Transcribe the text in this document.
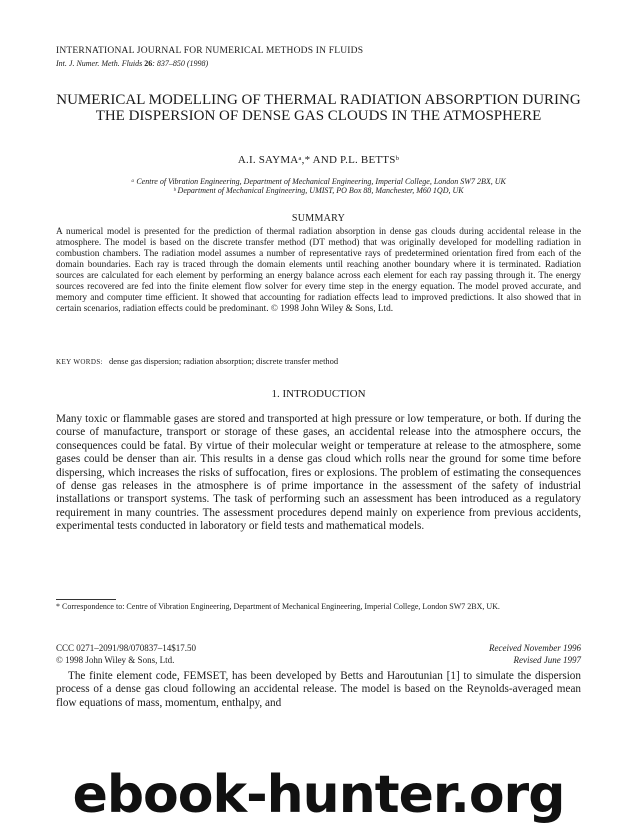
INTERNATIONAL JOURNAL FOR NUMERICAL METHODS IN FLUIDS
Int. J. Numer. Meth. Fluids 26: 837–850 (1998)
NUMERICAL MODELLING OF THERMAL RADIATION ABSORPTION DURING THE DISPERSION OF DENSE GAS CLOUDS IN THE ATMOSPHERE
A.I. SAYMAᵃ,* AND P.L. BETTSᵇ
ᵃ Centre of Vibration Engineering, Department of Mechanical Engineering, Imperial College, London SW7 2BX, UK
ᵇ Department of Mechanical Engineering, UMIST, PO Box 88, Manchester, M60 1QD, UK
SUMMARY
A numerical model is presented for the prediction of thermal radiation absorption in dense gas clouds during accidental release in the atmosphere. The model is based on the discrete transfer method (DT method) that was originally developed for modelling radiation in combustion chambers. The radiation model assumes a number of representative rays of predetermined orientation fired from each of the domain boundaries. Each ray is traced through the domain elements until reaching another boundary where it is terminated. Radiation sources are calculated for each element by performing an energy balance across each element for each ray passing through it. The energy sources recovered are fed into the finite element flow solver for every time step in the energy equation. The model proved accurate, and memory and computer time efficient. It showed that accounting for radiation effects lead to improved predictions. It also showed that in certain scenarios, radiation effects could be predominant. © 1998 John Wiley & Sons, Ltd.
KEY WORDS: dense gas dispersion; radiation absorption; discrete transfer method
1. INTRODUCTION

Many toxic or flammable gases are stored and transported at high pressure or low temperature, or both. If during the course of manufacture, transport or storage of these gases, an accidental release into the atmosphere occurs, the consequences could be fatal. By virtue of their molecular weight or temperature at release to the atmosphere, some gases could be denser than air. This results in a dense gas cloud which rolls near the ground for some time before dispersing, which increases the risks of suffocation, fires or explosions. The problem of estimating the consequences of dense gas releases in the atmosphere is of prime importance in the assessment of the safety of industrial installations or transport systems. The task of performing such an assessment has been introduced as a regulatory requirement in many countries. The assessment procedures depend mainly on experience from previous accidents, experimental tests conducted in laboratory or field tests and mathematical models.

* Correspondence to: Centre of Vibration Engineering, Department of Mechanical Engineering, Imperial College, London SW7 2BX, UK.
CCC 0271–2091/98/070837–14$17.50
© 1998 John Wiley & Sons, Ltd.
Received November 1996
Revised June 1997

The finite element code, FEMSET, has been developed by Betts and Haroutunian [1] to simulate the dispersion process of a dense gas cloud following an accidental release. The model is based on the Reynolds-averaged mean flow equations of mass, momentum, enthalpy, and

ebook-hunter.org
